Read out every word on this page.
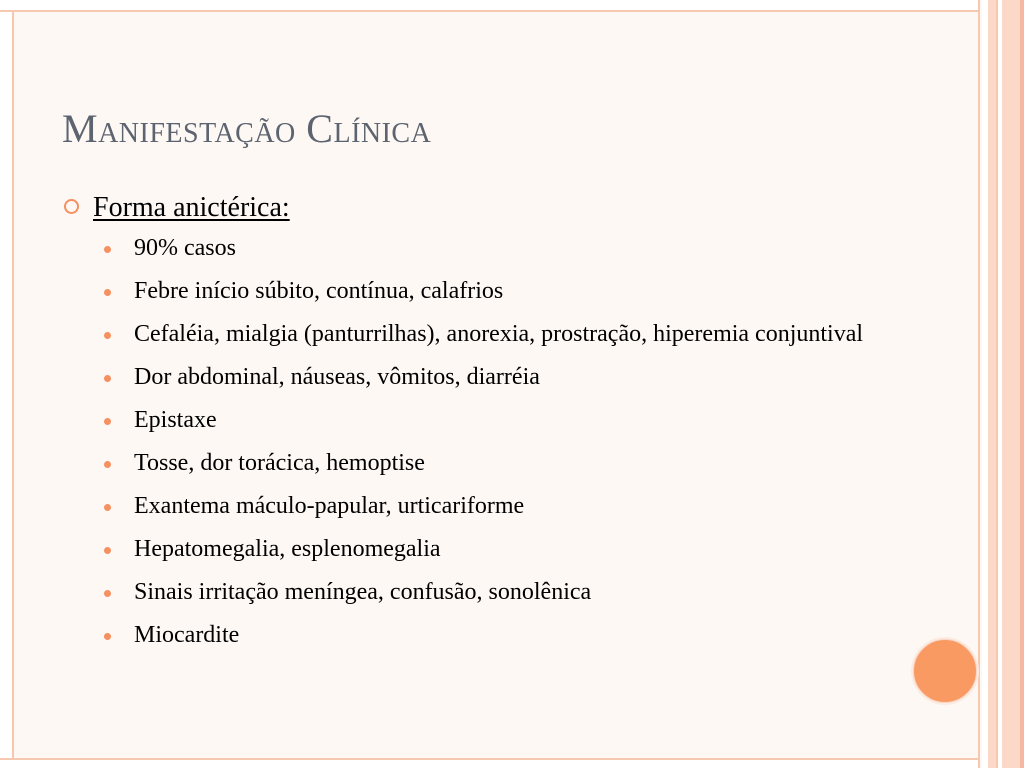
Manifestação Clínica
Forma anictérica:
90% casos
Febre início súbito, contínua, calafrios
Cefaléia, mialgia (panturrilhas), anorexia, prostração, hiperemia conjuntival
Dor abdominal, náuseas, vômitos, diarréia
Epistaxe
Tosse, dor torácica, hemoptise
Exantema máculo-papular, urticariforme
Hepatomegalia, esplenomegalia
Sinais irritação meníngea, confusão, sonolênica
Miocardite
